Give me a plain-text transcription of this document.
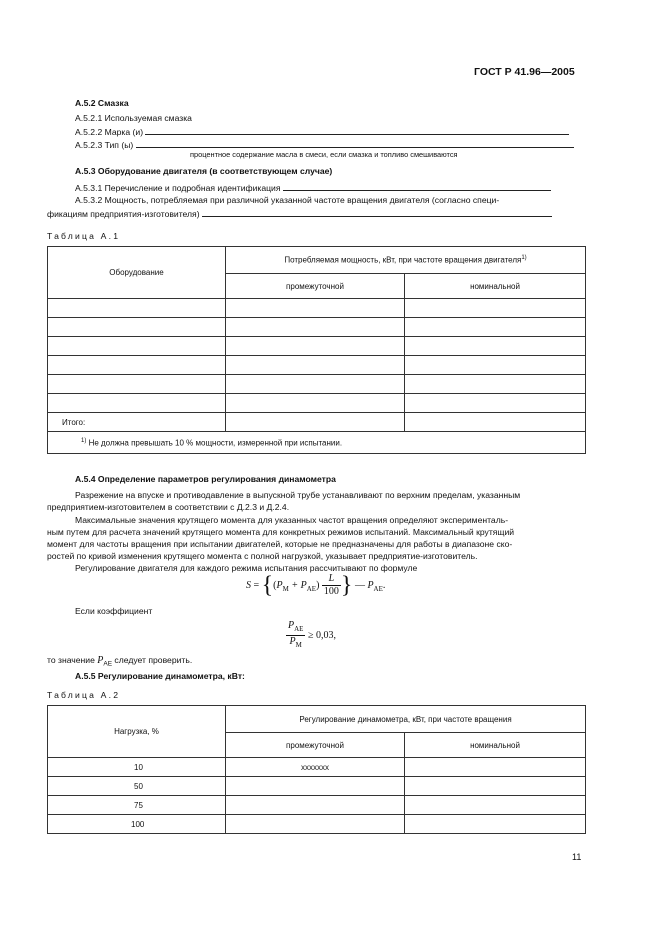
ГОСТ Р 41.96—2005
А.5.2 Смазка
А.5.2.1 Используемая смазка
А.5.2.2 Марка (и)
А.5.2.3 Тип (ы)
процентное содержание масла в смеси, если смазка и топливо смешиваются
А.5.3 Оборудование двигателя (в соответствующем случае)
А.5.3.1 Перечисление и подробная идентификация
А.5.3.2 Мощность, потребляемая при различной указанной частоте вращения двигателя (согласно специ-
фикациям предприятия-изготовителя)
Таблица А.1
Оборудование	Потребляемая мощность, кВт, при частоте вращения двигателя$^{1)}$
	промежуточной	номинальной

Итого:		
$^{1)}$ Не должна превышать 10 % мощности, измеренной при испытании.		
А.5.4 Определение параметров регулирования динамометра
Разрежение на впуске и противодавление в выпускной трубе устанавливают по верхним пределам, указанным
предприятием-изготовителем в соответствии с Д.2.3 и Д.2.4.
Максимальные значения крутящего момента для указанных частот вращения определяют эксперименталь-
ным путем для расчета значений крутящего момента для конкретных режимов испытаний. Максимальный крутящий
момент для частоты вращения при испытании двигателей, которые не предназначены для работы в диапазоне ско-
ростей по кривой изменения крутящего момента с полной нагрузкой, указывает предприятие-изготовитель.
Регулирование двигателя для каждого режима испытания рассчитывают по формуле
$S = \{(P_M + P_{AE}) \frac{L}{100}$ } — $P_{AE}$.
Если коэффициент
$\frac{P_{AE}}{P_M} \ge 0,03$,
то значение $P_{AE}$ следует проверить.
А.5.5 Регулирование динамометра, кВт:
Таблица А.2
Нагрузка, %	Регулирование динамометра, кВт, при частоте вращения	
	промежуточной	номинальной
10	xxxxxxx	
50		
75		
100		
11
